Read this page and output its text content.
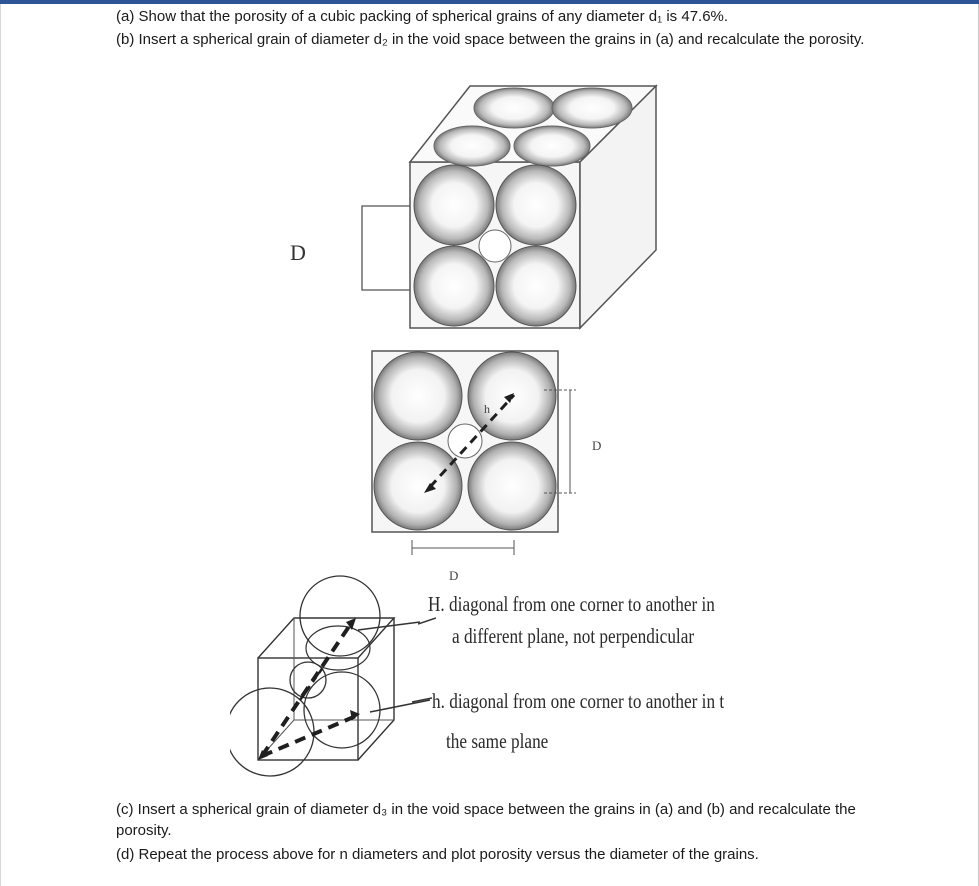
(a) Show that the porosity of a cubic packing of spherical grains of any diameter d₁ is 47.6%.

(b) Insert a spherical grain of diameter d₂ in the void space between the grains in (a) and recalculate the porosity.

D
h
D
D
H. diagonal from one corner to another in
a different plane, not perpendicular
h. diagonal from one corner to another in t
the same plane

(c) Insert a spherical grain of diameter d₃ in the void space between the grains in (a) and (b) and recalculate the porosity.

(d) Repeat the process above for n diameters and plot porosity versus the diameter of the grains.
